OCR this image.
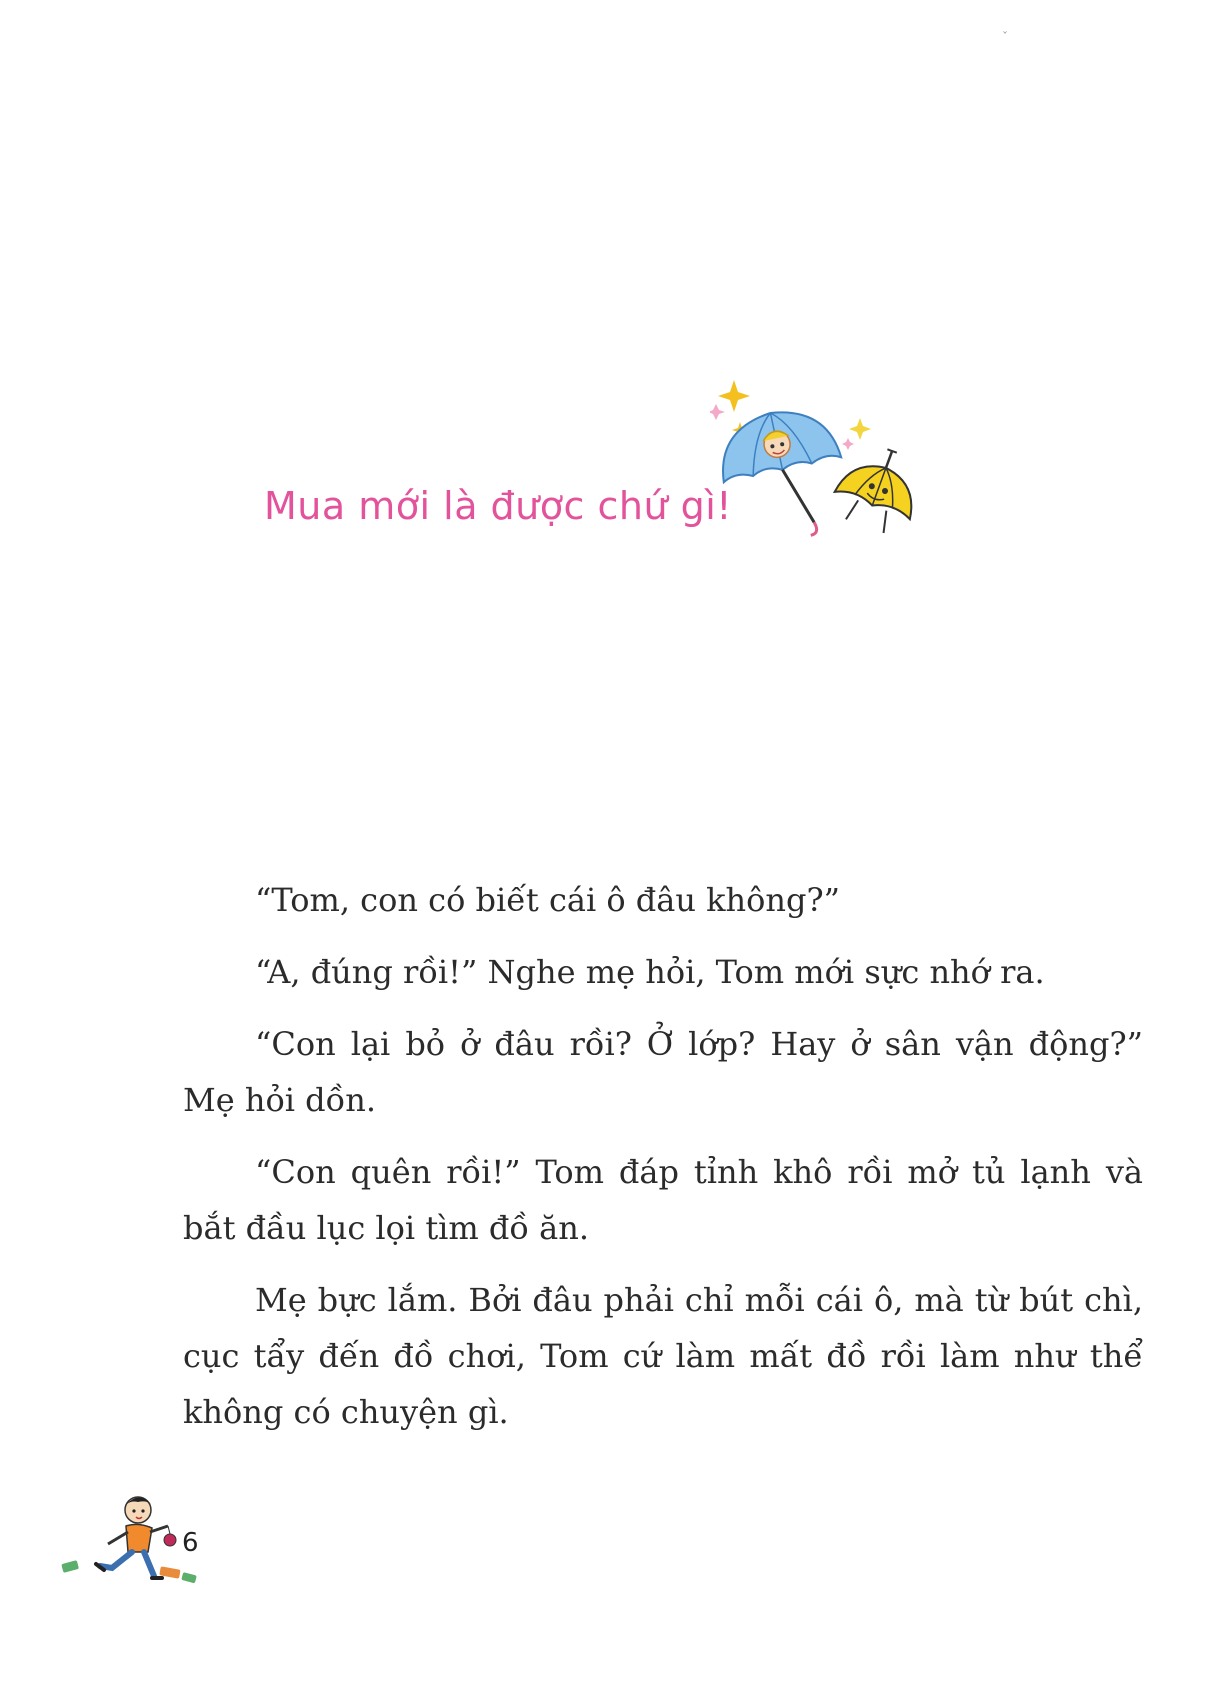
ˇ
Mua mới là được chứ gì!

“Tom, con có biết cái ô đâu không?”

“A, đúng rồi!” Nghe mẹ hỏi, Tom mới sực nhớ ra.

“Con lại bỏ ở đâu rồi? Ở lớp? Hay ở sân vận động?” Mẹ hỏi dồn.

“Con quên rồi!” Tom đáp tỉnh khô rồi mở tủ lạnh và bắt đầu lục lọi tìm đồ ăn.

Mẹ bực lắm. Bởi đâu phải chỉ mỗi cái ô, mà từ bút chì, cục tẩy đến đồ chơi, Tom cứ làm mất đồ rồi làm như thể không có chuyện gì.

6
